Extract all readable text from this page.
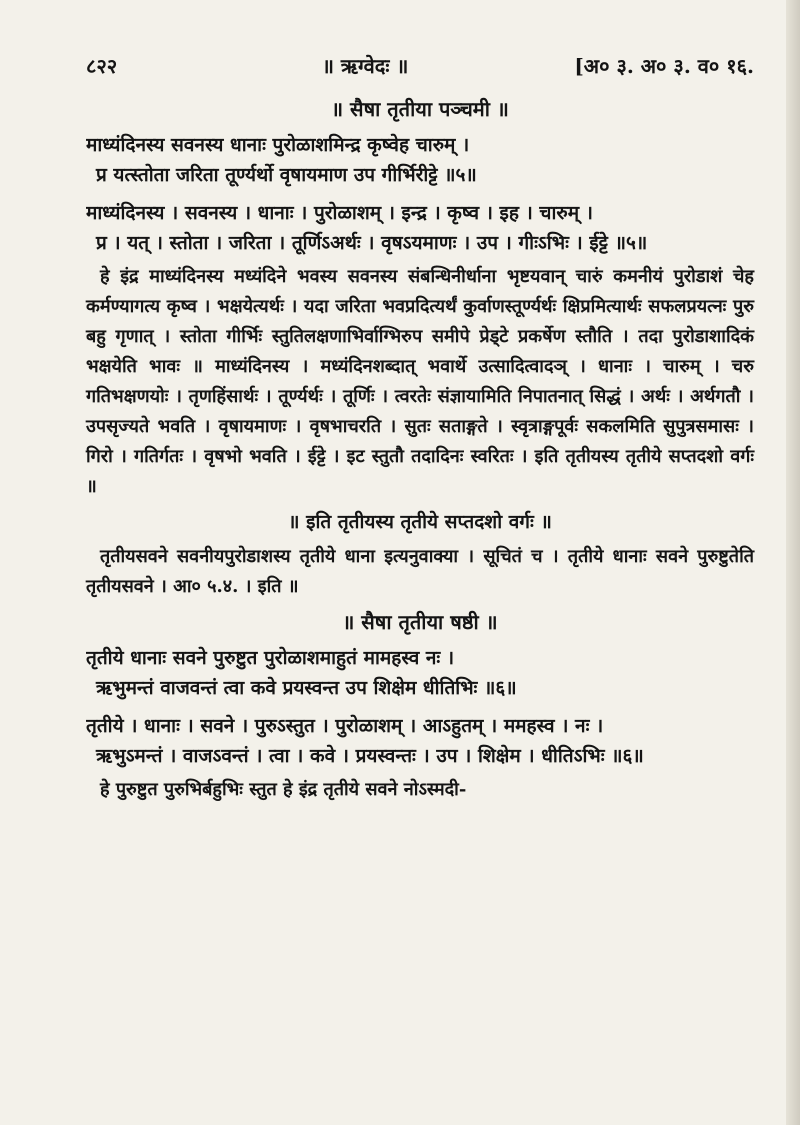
८२२	॥ ऋग्वेदः ॥	[अ० ३. अ० ३. व० १६.
॥ सैषा तृतीया पञ्चमी ॥
माध्यंदिनस्य सवनस्य धानाः पुरोळाशमिन्द्र कृष्वेह चारुम् ।
प्र यत्स्तोता जरिता तूर्ण्यर्थो वृषायमाण उप गीर्भिरीट्टे ॥५॥
माध्यंदिनस्य । सवनस्य । धानाः । पुरोळाशम् । इन्द्र । कृष्व । इह । चारुम् ।
प्र । यत् । स्तोता । जरिता । तूर्णिऽअर्थः । वृषऽयमाणः । उप । गीःऽभिः । ईट्टे ॥५॥

हे इंद्र माध्यंदिनस्य मध्यंदिने भवस्य सवनस्य संबन्धिनीर्धाना भृष्टयवान् चारुं कमनीयं पुरोडाशं चेह कर्मण्यागत्य कृष्व । भक्षयेत्यर्थः । यदा जरिता भवप्रदित्यर्थं कुर्वाणस्तूर्ण्यर्थः क्षिप्रमित्यार्थः सफलप्रयत्नः पुरु बहु गृणात् । स्तोता गीर्भिः स्तुतिलक्षणाभिर्वाग्भिरुप समीपे प्रेड्टे प्रकर्षेण स्तौति । तदा पुरोडाशादिकं भक्षयेति भावः ॥ माध्यंदिनस्य । मध्यंदिनशब्दात् भवार्थे उत्सादित्वादञ् । धानाः । चारुम् । चरु गतिभक्षणयोः । तृणहिंसार्थः । तूर्ण्यर्थः । तूर्णिः । त्वरतेः संज्ञायामिति निपातनात् सिद्धं । अर्थः । अर्थगतौ । उपसृज्यते भवति । वृषायमाणः । वृषभाचरति । सुतः सताङ्गते । स्वृत्राङ्गपूर्वः सकलमिति सुपुत्रसमासः । गिरो । गतिर्गतः । वृषभो भवति । ईट्टे । इट स्तुतौ तदादिनः स्वरितः । इति तृतीयस्य तृतीये सप्तदशो वर्गः ॥

॥ इति तृतीयस्य तृतीये सप्तदशो वर्गः ॥

तृतीयसवने सवनीयपुरोडाशस्य तृतीये धाना इत्यनुवाक्या । सूचितं च । तृतीये धानाः सवने पुरुष्टुतेति तृतीयसवने । आ० ५.४. । इति ॥

॥ सैषा तृतीया षष्ठी ॥
तृतीये धानाः सवने पुरुष्टुत पुरोळाशमाहुतं मामहस्व नः ।
ऋभुमन्तं वाजवन्तं त्वा कवे प्रयस्वन्त उप शिक्षेम धीतिभिः ॥६॥
तृतीये । धानाः । सवने । पुरुऽस्तुत । पुरोळाशम् । आऽहुतम् । ममहस्व । नः ।
ऋभुऽमन्तं । वाजऽवन्तं । त्वा । कवे । प्रयस्वन्तः । उप । शिक्षेम । धीतिऽभिः ॥६॥

हे पुरुष्टुत पुरुभिर्बहुभिः स्तुत हे इंद्र तृतीये सवने नोऽस्मदी-
